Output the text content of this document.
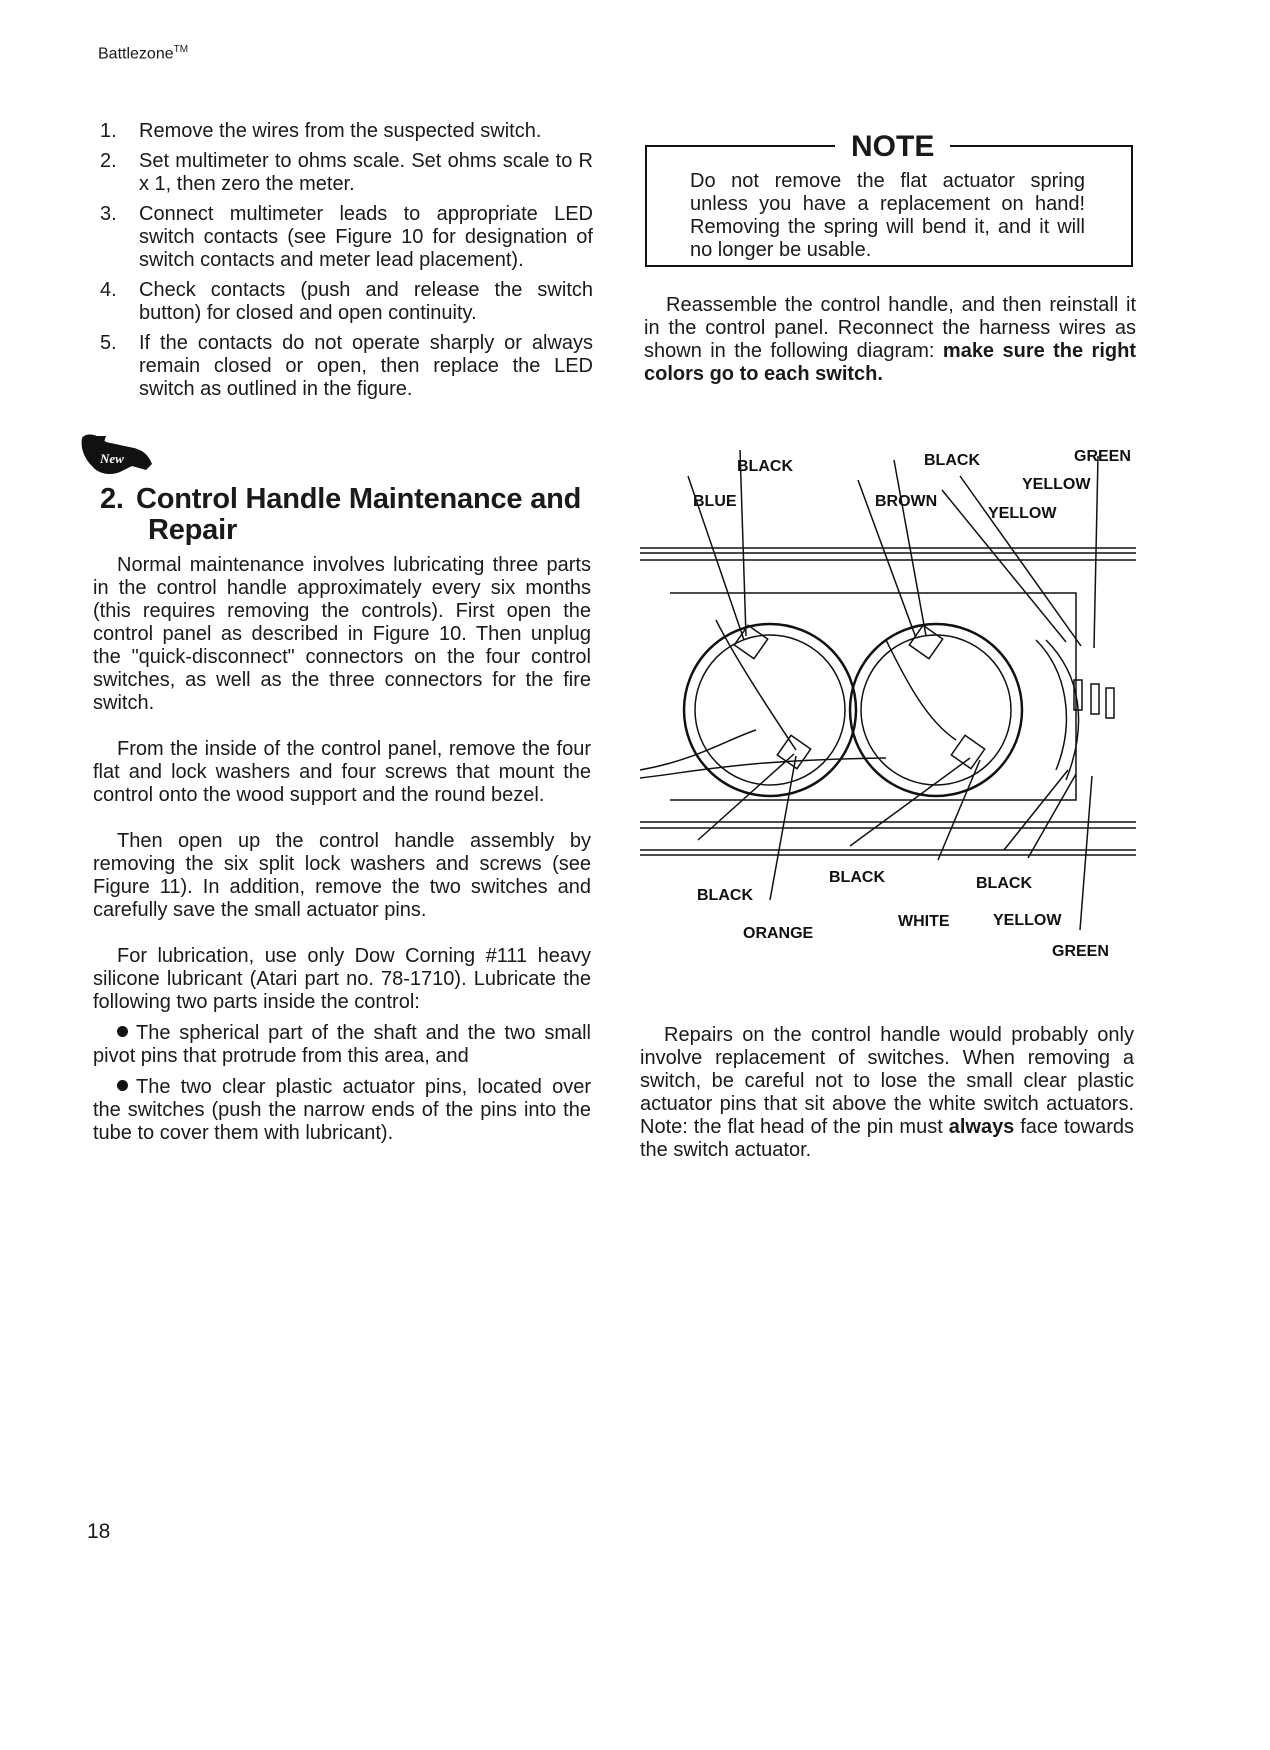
Battlezone™
1. Remove the wires from the suspected switch.
2. Set multimeter to ohms scale. Set ohms scale to R x 1, then zero the meter.
3. Connect multimeter leads to appropriate LED switch contacts (see Figure 10 for designation of switch contacts and meter lead placement).
4. Check contacts (push and release the switch button) for closed and open continuity.
5. If the contacts do not operate sharply or always remain closed or open, then replace the LED switch as outlined in the figure.
New
2. Control Handle Maintenance and
Repair

Normal maintenance involves lubricating three parts in the control handle approximately every six months (this requires removing the controls). First open the control panel as described in Figure 10. Then unplug the "quick-disconnect" connectors on the four control switches, as well as the three connectors for the fire switch.

From the inside of the control panel, remove the four flat and lock washers and four screws that mount the control onto the wood support and the round bezel.

Then open up the control handle assembly by removing the six split lock washers and screws (see Figure 11). In addition, remove the two switches and carefully save the small actuator pins.

For lubrication, use only Dow Corning #111 heavy silicone lubricant (Atari part no. 78-1710). Lubricate the following two parts inside the control:

The spherical part of the shaft and the two small pivot pins that protrude from this area, and

The two clear plastic actuator pins, located over the switches (push the narrow ends of the pins into the tube to cover them with lubricant).

NOTE
Do not remove the flat actuator spring unless you have a replacement on hand! Removing the spring will bend it, and it will no longer be usable.

Reassemble the control handle, and then reinstall it in the control panel. Reconnect the harness wires as shown in the following diagram: make sure the right colors go to each switch.

BLACK
BLUE
BLACK
BROWN
GREEN
YELLOW
YELLOW
BLACK
ORANGE
BLACK
WHITE
BLACK
YELLOW
GREEN

Repairs on the control handle would probably only involve replacement of switches. When removing a switch, be careful not to lose the small clear plastic actuator pins that sit above the white switch actuators. Note: the flat head of the pin must always face towards the switch actuator.

18
